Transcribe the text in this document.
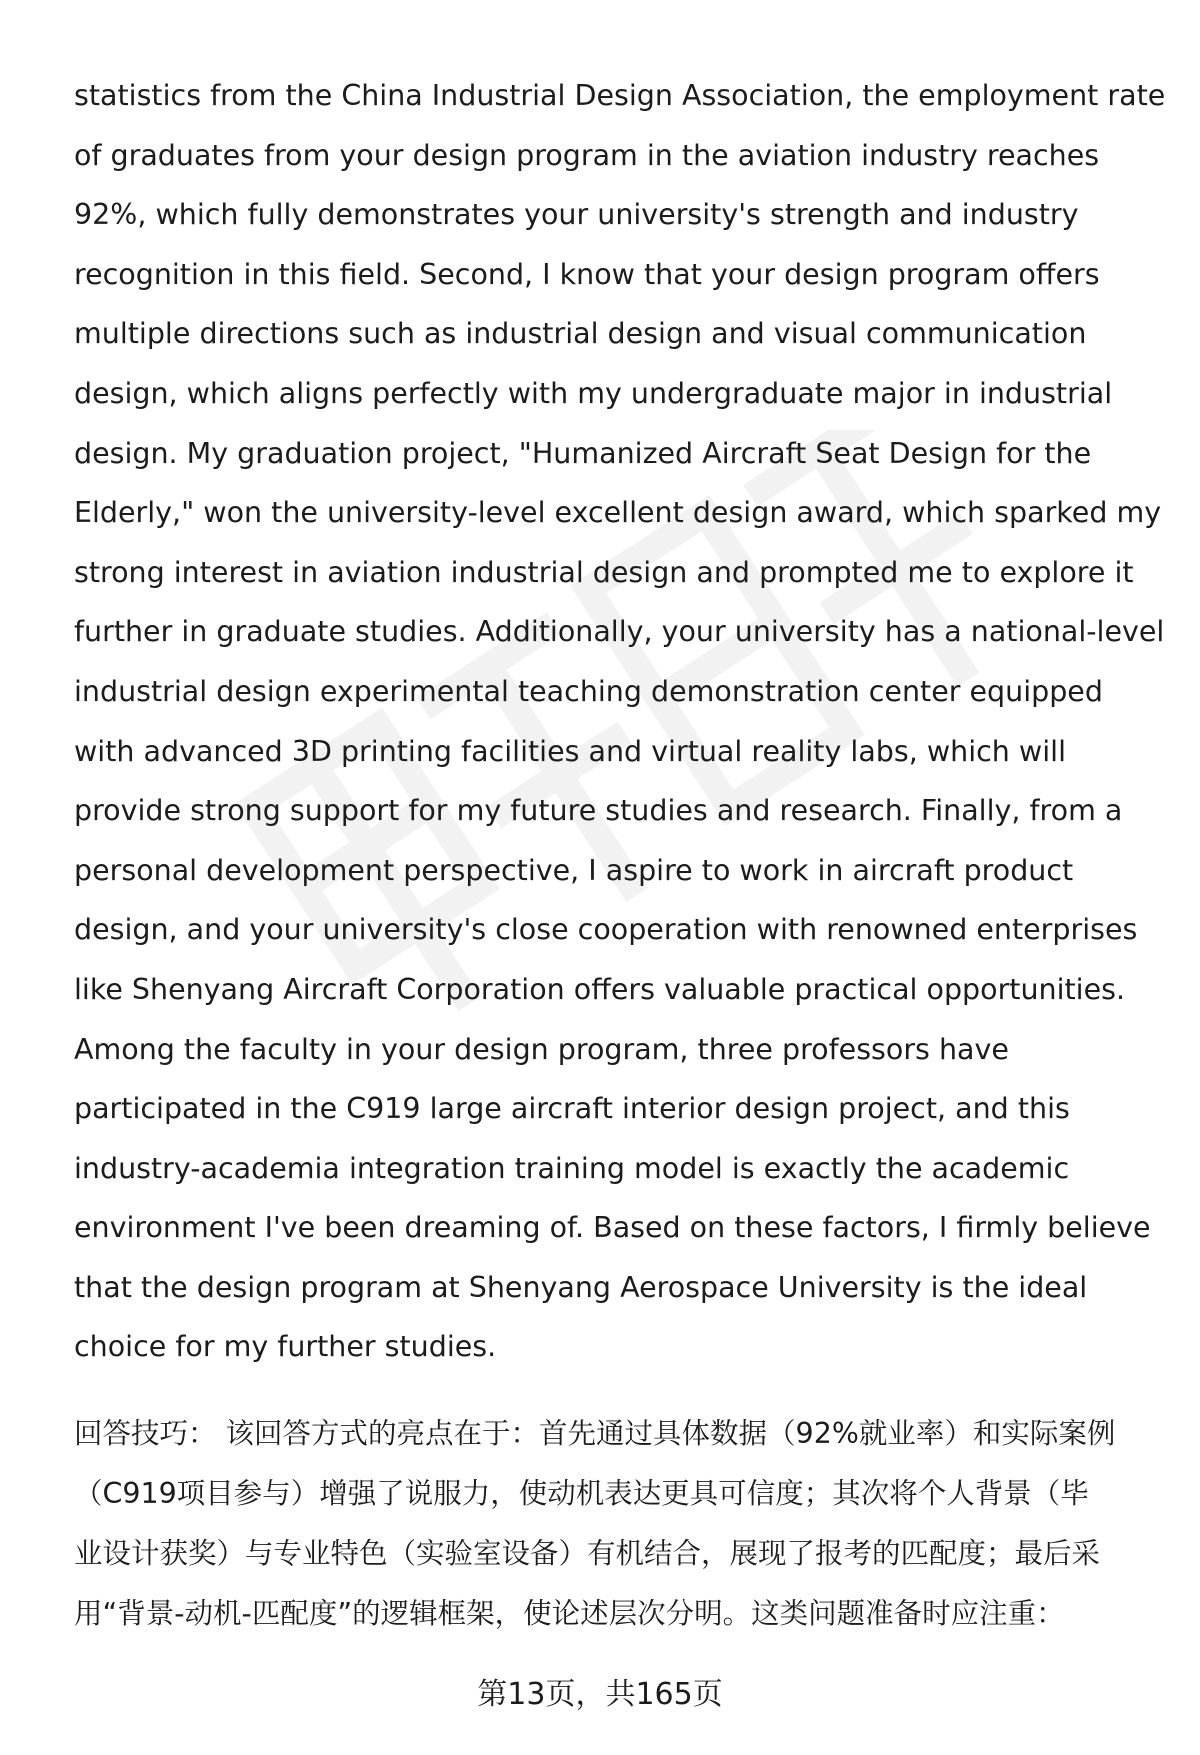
statistics from the China Industrial Design Association, the employment rate
of graduates from your design program in the aviation industry reaches
92%, which fully demonstrates your university's strength and industry
recognition in this field. Second, I know that your design program offers
multiple directions such as industrial design and visual communication
design, which aligns perfectly with my undergraduate major in industrial
design. My graduation project, "Humanized Aircraft Seat Design for the
Elderly," won the university-level excellent design award, which sparked my
strong interest in aviation industrial design and prompted me to explore it
further in graduate studies. Additionally, your university has a national-level
industrial design experimental teaching demonstration center equipped
with advanced 3D printing facilities and virtual reality labs, which will
provide strong support for my future studies and research. Finally, from a
personal development perspective, I aspire to work in aircraft product
design, and your university's close cooperation with renowned enterprises
like Shenyang Aircraft Corporation offers valuable practical opportunities.
Among the faculty in your design program, three professors have
participated in the C919 large aircraft interior design project, and this
industry-academia integration training model is exactly the academic
environment I've been dreaming of. Based on these factors, I firmly believe
that the design program at Shenyang Aerospace University is the ideal
choice for my further studies.
回答技巧： 该回答方式的亮点在于：首先通过具体数据（92%就业率）和实际案例
（C919项目参与）增强了说服力，使动机表达更具可信度；其次将个人背景（毕
业设计获奖）与专业特色（实验室设备）有机结合，展现了报考的匹配度；最后采
用“背景-动机-匹配度”的逻辑框架，使论述层次分明。这类问题准备时应注重：
第13页，共165页
